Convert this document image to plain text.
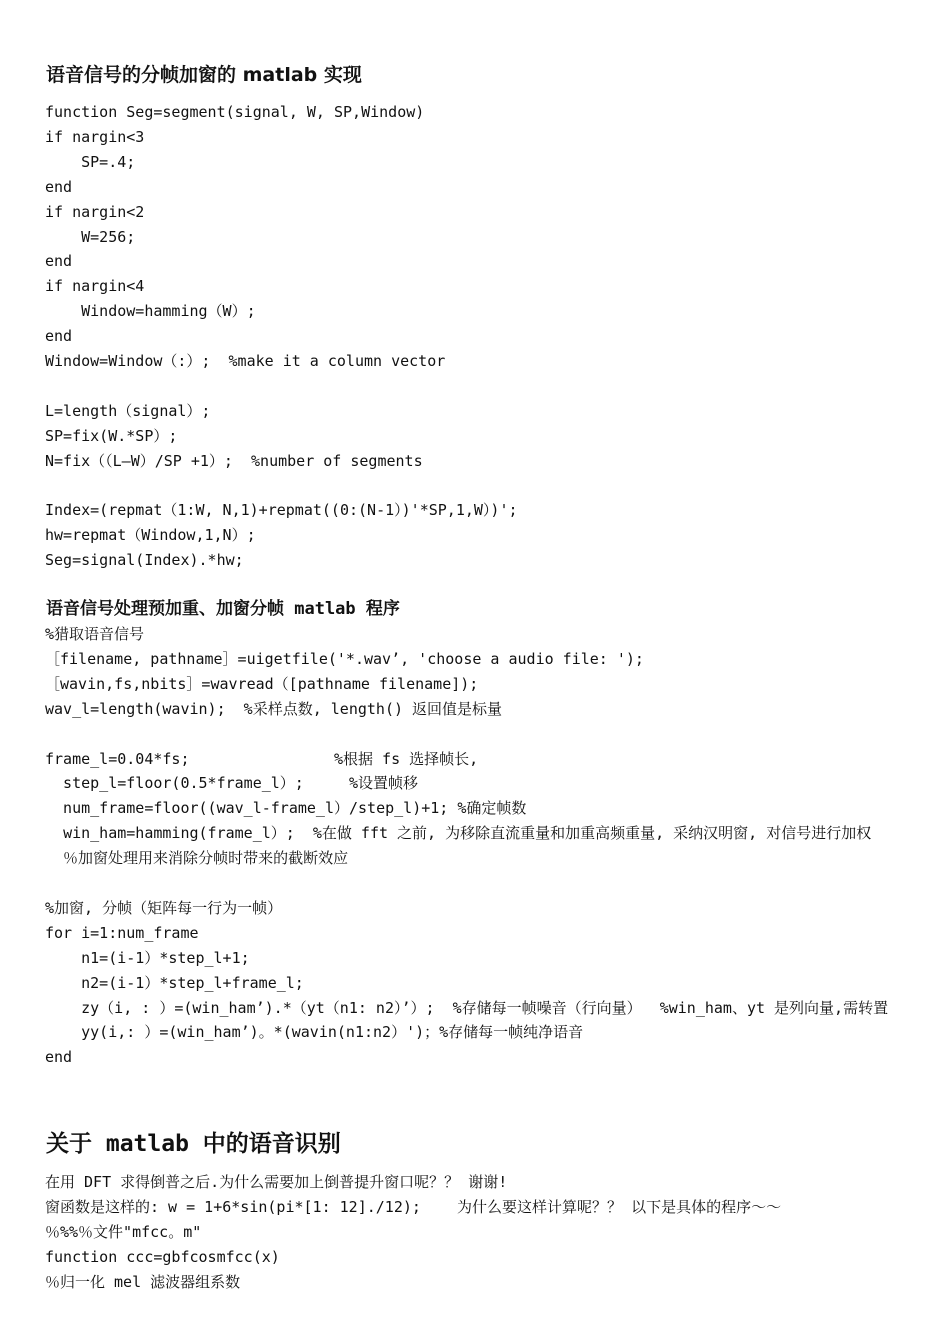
语音信号的分帧加窗的 matlab 实现
function Seg=segment(signal, W, SP,Window)
if nargin<3
SP=.4;
end
if nargin<2
W=256;
end
if nargin<4
Window=hamming（W）;
end
Window=Window（:）;  %make it a column vector
L=length（signal）;
SP=fix(W.*SP）;
N=fix（（L—W）/SP +1）;  %number of segments
Index=(repmat（1:W, N,1)+repmat((0:(N-1）)'*SP,1,W）)';
hw=repmat（Window,1,N）;
Seg=signal(Index).*hw;
语音信号处理预加重、加窗分帧 matlab 程序
%猎取语音信号
［filename, pathname］=uigetfile('*.wav’, 'choose a audio file: ');
［wavin,fs,nbits］=wavread（[pathname filename]);
wav_l=length(wavin);  %采样点数, length() 返回值是标量
frame_l=0.04*fs;                %根据 fs 选择帧长,
step_l=floor(0.5*frame_l）;     %设置帧移
num_frame=floor((wav_l-frame_l）/step_l)+1; %确定帧数
win_ham=hamming(frame_l）;  %在做 fft 之前, 为移除直流重量和加重高频重量, 采纳汉明窗, 对信号进行加权
％加窗处理用来消除分帧时带来的截断效应
%加窗, 分帧（矩阵每一行为一帧）
for i=1:num_frame
n1=(i-1）*step_l+1;
n2=(i-1）*step_l+frame_l;
zy（i, : ）=(win_ham’).*（yt（n1: n2）’）;  %存储每一帧噪音（行向量）  %win_ham、yt 是列向量,需转置
yy(i,: ）=(win_ham’)。*(wavin(n1:n2）')；%存储每一帧纯净语音
end
关于 matlab 中的语音识别
在用 DFT 求得倒普之后.为什么需要加上倒普提升窗口呢？？ 谢谢!
窗函数是这样的: w = 1+6*sin(pi*[1: 12]./12);    为什么要这样计算呢？？ 以下是具体的程序～～
％%%％文件"mfcc。m"
function ccc=gbfcosmfcc(x)
％归一化 mel 滤波器组系数
